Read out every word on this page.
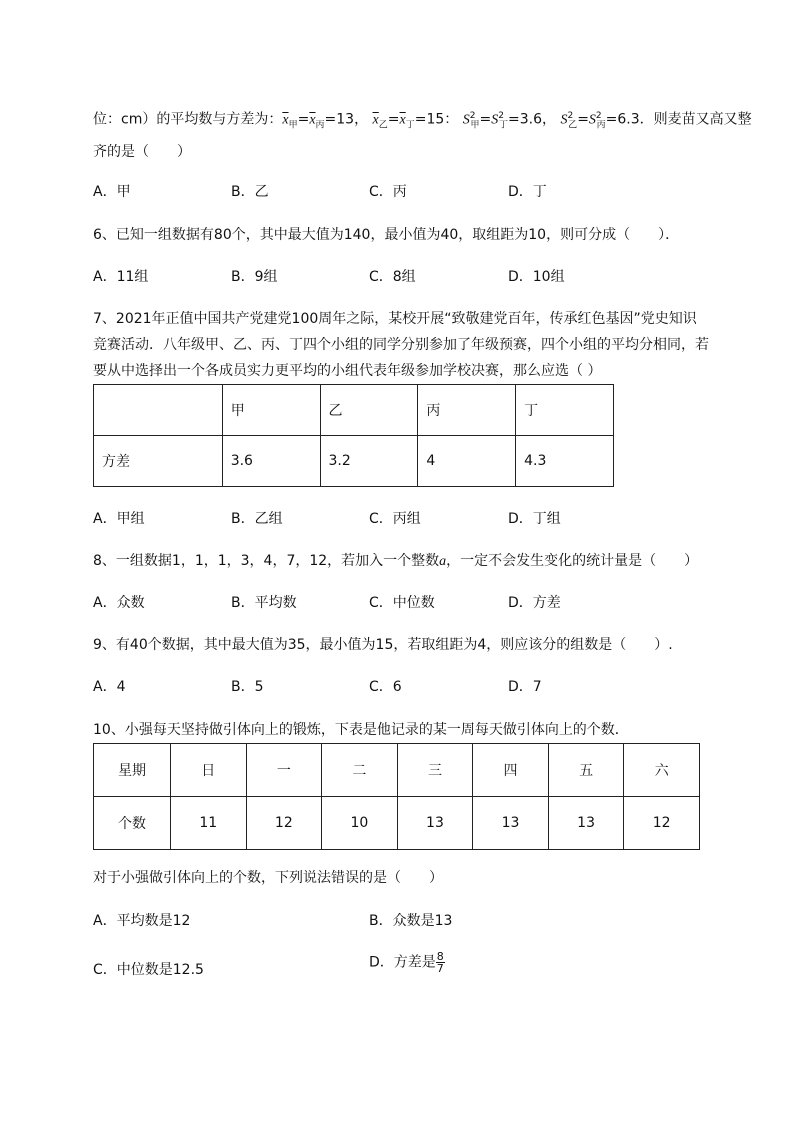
位：cm）的平均数与方差为：$\overline{x}_甲=\overline{x}_丙=13$， $\overline{x}_乙=\overline{x}_丁=15$： $S^2_甲=S^2_丁=3.6$， $S^2_乙=S^2_丙=6.3$．则麦苗又高又整
齐的是（　　）
A．甲	B．乙	C．丙	D．丁
6、已知一组数据有80个，其中最大值为140，最小值为40，取组距为10，则可分成（　　）．
A．11组	B．9组	C．8组	D．10组
7、2021年正值中国共产党建党100周年之际，某校开展“致敬建党百年，传承红色基因”党史知识
竞赛活动．八年级甲、乙、丙、丁四个小组的同学分别参加了年级预赛，四个小组的平均分相同，若
要从中选择出一个各成员实力更平均的小组代表年级参加学校决赛，那么应选（ ）
	甲	乙	丙	丁
方差	3.6	3.2	4	4.3
A．甲组	B．乙组	C．丙组	D．丁组
8、一组数据1，1，1，3，4，7，12，若加入一个整数a，一定不会发生变化的统计量是（　　）
A．众数	B．平均数	C．中位数	D．方差
9、有40个数据，其中最大值为35，最小值为15，若取组距为4，则应该分的组数是（　　）.
A．4	B．5	C．6	D．7
10、小强每天坚持做引体向上的锻炼，下表是他记录的某一周每天做引体向上的个数．
星期	日	一	二	三	四	五	六
个数	11	12	10	13	13	13	12
对于小强做引体向上的个数，下列说法错误的是（　　）
A．平均数是12	B．众数是13
C．中位数是12.5	D．方差是 $\frac{8}{7}$
